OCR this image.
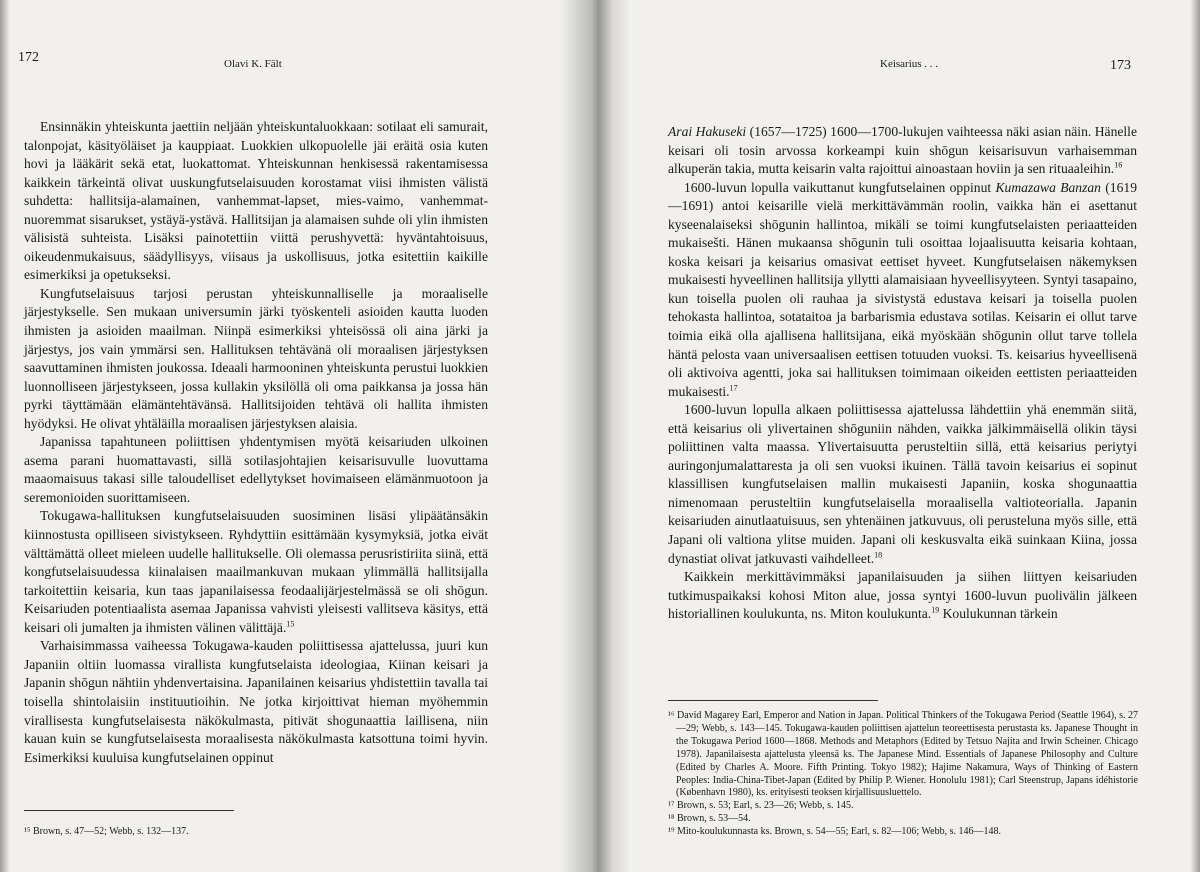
172	Olavi K. Fält

Ensinnäkin yhteiskunta jaettiin neljään yhteiskuntaluokkaan: sotilaat eli samurait, talonpojat, käsityöläiset ja kauppiaat. Luokkien ulkopuolelle jäi eräitä osia kuten hovi ja lääkärit sekä etat, luokattomat. Yhteiskunnan henkisessä rakentamisessa kaikkein tärkeintä olivat uuskungfutselaisuuden korostamat viisi ihmisten välistä suhdetta: hallitsija-alamainen, vanhemmat-lapset, mies-vaimo, vanhemmat-nuoremmat sisarukset, ystäyä-ystävä. Hallitsijan ja alamaisen suhde oli ylin ihmisten välisistä suhteista. Lisäksi painotettiin viittä perushyvettä: hyväntahtoisuus, oikeudenmukaisuus, säädyllisyys, viisaus ja uskollisuus, jotka esitettiin kaikille esimerkiksi ja opetukseksi.

Kungfutselaisuus tarjosi perustan yhteiskunnalliselle ja moraaliselle järjestykselle. Sen mukaan universumin järki työskenteli asioiden kautta luoden ihmisten ja asioiden maailman. Niinpä esimerkiksi yhteisössä oli aina järki ja järjestys, jos vain ymmärsi sen. Hallituksen tehtävänä oli moraalisen järjestyksen saavuttaminen ihmisten joukossa. Ideaali harmooninen yhteiskunta perustui luokkien luonnolliseen järjestykseen, jossa kullakin yksilöllä oli oma paikkansa ja jossa hän pyrki täyttämään elämäntehtävänsä. Hallitsijoiden tehtävä oli hallita ihmisten hyödyksi. He olivat yhtäläilla moraalisen järjestyksen alaisia.

Japanissa tapahtuneen poliittisen yhdentymisen myötä keisariuden ulkoinen asema parani huomattavasti, sillä sotilasjohtajien keisarisuvulle luovuttama maaomaisuus takasi sille taloudelliset edellytykset hovimaiseen elämänmuotoon ja seremonioiden suorittamiseen.

Tokugawa-hallituksen kungfutselaisuuden suosiminen lisäsi ylipäätänsäkin kiinnostusta opilliseen sivistykseen. Ryhdyttiin esittämään kysymyksiä, jotka eivät välttämättä olleet mieleen uudelle hallitukselle. Oli olemassa perusristiriita siinä, että kongfutselaisuudessa kiinalaisen maailmankuvan mukaan ylimmällä hallitsijalla tarkoitettiin keisaria, kun taas japanilaisessa feodaalijärjestelmässä se oli shōgun. Keisariuden potentiaalista asemaa Japanissa vahvisti yleisesti vallitseva käsitys, että keisari oli jumalten ja ihmisten välinen välittäjä.$^{15}$

Varhaisimmassa vaiheessa Tokugawa-kauden poliittisessa ajattelussa, juuri kun Japaniin oltiin luomassa virallista kungfutselaista ideologiaa, Kiinan keisari ja Japanin shōgun nähtiin yhdenvertaisina. Japanilainen keisarius yhdistettiin tavalla tai toisella shintolaisiin instituutioihin. Ne jotka kirjoittivat hieman myöhemmin virallisesta kungfutselaisesta näkökulmasta, pitivät shogunaattia laillisena, niin kauan kuin se kungfutselaisesta moraalisesta näkökulmasta katsottuna toimi hyvin. Esimerkiksi kuuluisa kungfutselainen oppinut

¹⁵ Brown, s. 47—52; Webb, s. 132—137.

Keisarius . . .	173

Arai Hakuseki (1657—1725) 1600—1700-lukujen vaihteessa näki asian näin. Hänelle keisari oli tosin arvossa korkeampi kuin shōgun keisarisuvun varhaisemman alkuperän takia, mutta keisarin valta rajoittui ainoastaan hoviin ja sen rituaaleihin.$^{16}$

1600-luvun lopulla vaikuttanut kungfutselainen oppinut Kumazawa Banzan (1619—1691) antoi keisarille vielä merkittävämmän roolin, vaikka hän ei asettanut kyseenalaiseksi shōgunin hallintoa, mikäli se toimi kungfutselaisten periaatteiden mukaisešti. Hänen mukaansa shōgunin tuli osoittaa lojaalisuutta keisaria kohtaan, koska keisari ja keisarius omasivat eettiset hyveet. Kungfutselaisen näkemyksen mukaisesti hyveellinen hallitsija yllytti alamaisiaan hyveellisyyteen. Syntyi tasapaino, kun toisella puolen oli rauhaa ja sivistystä edustava keisari ja toisella puolen tehokasta hallintoa, sotataitoa ja barbarismia edustava sotilas. Keisarin ei ollut tarve toimia eikä olla ajallisena hallitsijana, eikä myöskään shōgunin ollut tarve tollela häntä pelosta vaan universaalisen eettisen totuuden vuoksi. Ts. keisarius hyveellisenä oli aktivoiva agentti, joka sai hallituksen toimimaan oikeiden eettisten periaatteiden mukaisesti.$^{17}$

1600-luvun lopulla alkaen poliittisessa ajattelussa lähdettiin yhä enemmän siitä, että keisarius oli ylivertainen shōguniin nähden, vaikka jälkimmäisellä olikin täysi poliittinen valta maassa. Ylivertaisuutta perusteltiin sillä, että keisarius periytyi auringonjumalattaresta ja oli sen vuoksi ikuinen. Tällä tavoin keisarius ei sopinut klassillisen kungfutselaisen mallin mukaisesti Japaniin, koska shogunaattia nimenomaan perusteltiin kungfutselaisella moraalisella valtioteorialla. Japanin keisariuden ainutlaatuisuus, sen yhtenäinen jatkuvuus, oli perusteluna myös sille, että Japani oli valtiona ylitse muiden. Japani oli keskusvalta eikä suinkaan Kiina, jossa dynastiat olivat jatkuvasti vaihdelleet.$^{18}$

Kaikkein merkittävimmäksi japanilaisuuden ja siihen liittyen keisariuden tutkimuspaikaksi kohosi Miton alue, jossa syntyi 1600-luvun puolivälin jälkeen historiallinen koulukunta, ns. Miton koulukunta.$^{19}$ Koulukunnan tärkein

¹⁶ David Magarey Earl, Emperor and Nation in Japan. Political Thinkers of the Tokugawa Period (Seattle 1964), s. 27—29; Webb, s. 143—145. Tokugawa-kauden poliittisen ajattelun teoreettisesta perustasta ks. Japanese Thought in the Tokugawa Period 1600—1868. Methods and Metaphors (Edited by Tetsuo Najita and Irwin Scheiner. Chicago 1978). Japanilaisesta ajattelusta yleensä ks. The Japanese Mind. Essentials of Japanese Philosophy and Culture (Edited by Charles A. Moore. Fifth Printing. Tokyo 1982); Hajime Nakamura, Ways of Thinking of Eastern Peoples: India-China-Tibet-Japan (Edited by Philip P. Wiener. Honolulu 1981); Carl Steenstrup, Japans idéhistorie (København 1980), ks. erityisesti teoksen kirjallisuusluettelo.

¹⁷ Brown, s. 53; Earl, s. 23—26; Webb, s. 145.

¹⁸ Brown, s. 53—54.

¹⁹ Mito-koulukunnasta ks. Brown, s. 54—55; Earl, s. 82—106; Webb, s. 146—148.
